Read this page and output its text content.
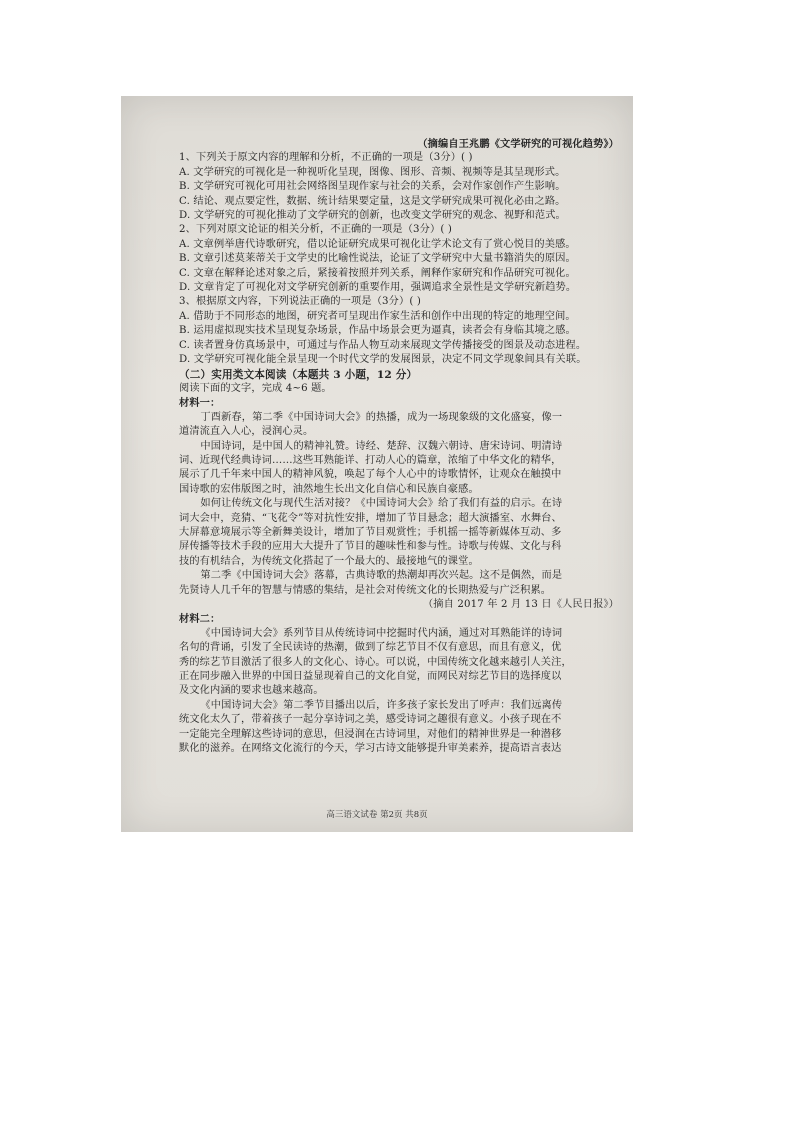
（摘编自王兆鹏《文学研究的可视化趋势》）
1、下列关于原文内容的理解和分析，不正确的一项是（3分）( )
A. 文学研究的可视化是一种视听化呈现，图像、图形、音频、视频等是其呈现形式。
B. 文学研究可视化可用社会网络图呈现作家与社会的关系，会对作家创作产生影响。
C. 结论、观点要定性，数据、统计结果要定量，这是文学研究成果可视化必由之路。
D. 文学研究的可视化推动了文学研究的创新，也改变文学研究的观念、视野和范式。
2、下列对原文论证的相关分析，不正确的一项是（3分）( )
A. 文章例举唐代诗歌研究，借以论证研究成果可视化让学术论文有了赏心悦目的美感。
B. 文章引述莫莱蒂关于文学史的比喻性说法，论证了文学研究中大量书籍消失的原因。
C. 文章在解释论述对象之后，紧接着按照并列关系，阐释作家研究和作品研究可视化。
D. 文章肯定了可视化对文学研究创新的重要作用，强调追求全景性是文学研究新趋势。
3、根据原文内容，下列说法正确的一项是（3分）( )
A. 借助于不同形态的地图，研究者可呈现出作家生活和创作中出现的特定的地理空间。
B. 运用虚拟现实技术呈现复杂场景，作品中场景会更为逼真，读者会有身临其境之感。
C. 读者置身仿真场景中，可通过与作品人物互动来展现文学传播接受的图景及动态进程。
D. 文学研究可视化能全景呈现一个时代文学的发展图景，决定不同文学现象间具有关联。
（二）实用类文本阅读（本题共 3 小题，12 分）
阅读下面的文字，完成 4~6 题。
材料一：
丁酉新春，第二季《中国诗词大会》的热播，成为一场现象级的文化盛宴，像一
道清流直入人心，浸润心灵。
中国诗词，是中国人的精神礼赞。诗经、楚辞、汉魏六朝诗、唐宋诗词、明清诗
词、近现代经典诗词……这些耳熟能详、打动人心的篇章，浓缩了中华文化的精华，
展示了几千年来中国人的精神风貌，唤起了每个人心中的诗歌情怀，让观众在触摸中
国诗歌的宏伟版图之时，油然地生长出文化自信心和民族自豪感。
如何让传统文化与现代生活对接？《中国诗词大会》给了我们有益的启示。在诗
词大会中，竞猜、“飞花令”等对抗性安排，增加了节目悬念；超大演播室、水舞台、
大屏幕意境展示等全新舞美设计，增加了节目观赏性；手机摇一摇等新媒体互动、多
屏传播等技术手段的应用大大提升了节目的趣味性和参与性。诗歌与传媒、文化与科
技的有机结合，为传统文化搭起了一个最大的、最接地气的课堂。
第二季《中国诗词大会》落幕，古典诗歌的热潮却再次兴起。这不是偶然，而是
先贤诗人几千年的智慧与情感的集结，是社会对传统文化的长期热爱与广泛积累。
（摘自 2017 年 2 月 13 日《人民日报》）
材料二：
《中国诗词大会》系列节目从传统诗词中挖掘时代内涵，通过对耳熟能详的诗词
名句的背诵，引发了全民读诗的热潮，做到了综艺节目不仅有意思，而且有意义，优
秀的综艺节目激活了很多人的文化心、诗心。可以说，中国传统文化越来越引人关注，
正在同步融入世界的中国日益显现着自己的文化自觉，而网民对综艺节目的选择度以
及文化内涵的要求也越来越高。
《中国诗词大会》第二季节目播出以后，许多孩子家长发出了呼声：我们远离传
统文化太久了，带着孩子一起分享诗词之美，感受诗词之趣很有意义。小孩子现在不
一定能完全理解这些诗词的意思，但浸润在古诗词里，对他们的精神世界是一种潜移
默化的滋养。在网络文化流行的今天，学习古诗文能够提升审美素养，提高语言表达
高三语文试卷 第2页 共8页
